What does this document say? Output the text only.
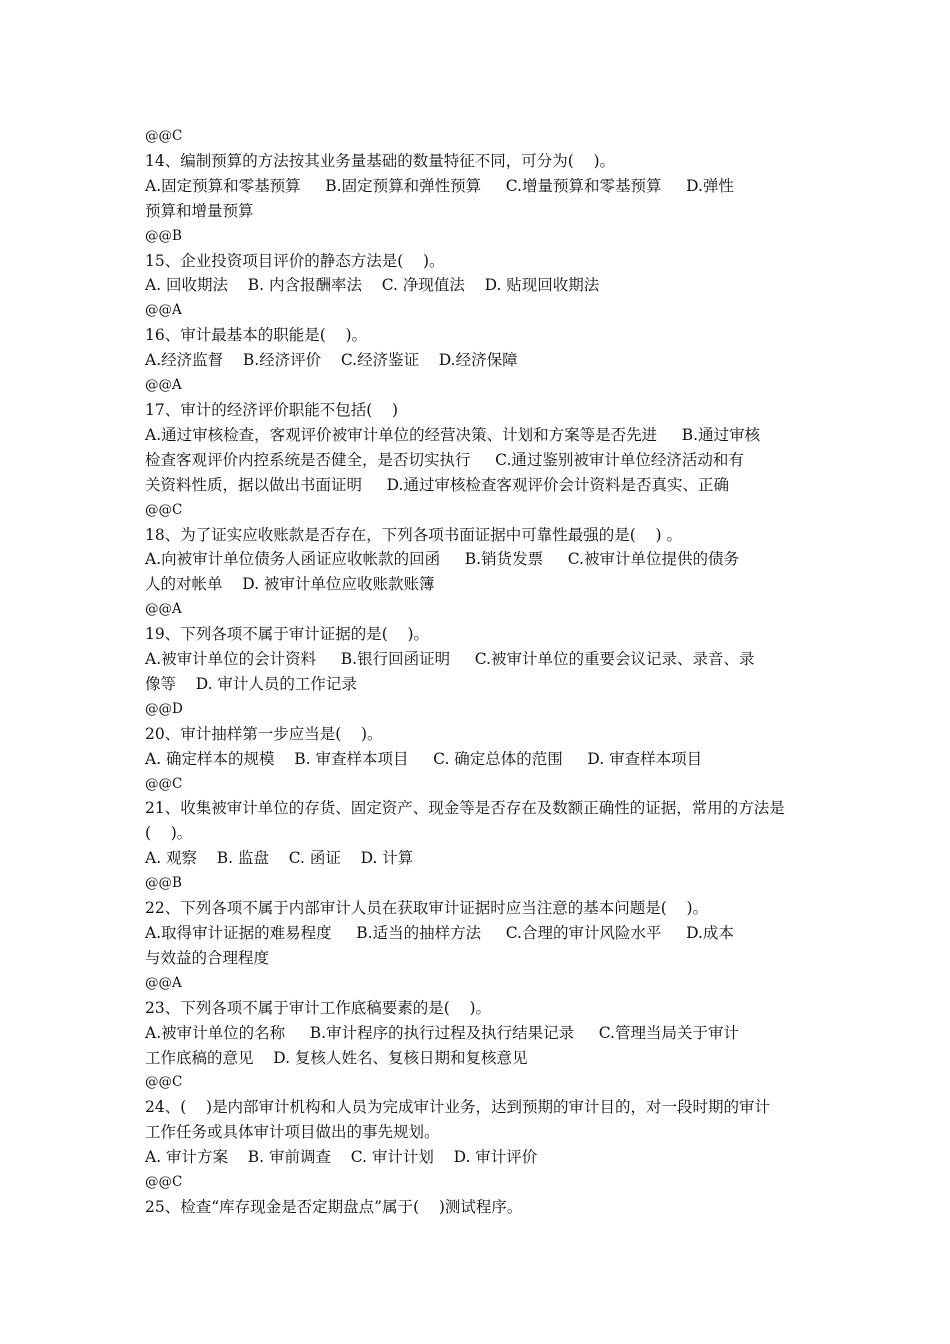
@@C
14、编制预算的方法按其业务量基础的数量特征不同，可分为(    )。
A.固定预算和零基预算     B.固定预算和弹性预算     C.增量预算和零基预算     D.弹性
预算和增量预算
@@B
15、企业投资项目评价的静态方法是(    )。
A. 回收期法    B. 内含报酬率法    C. 净现值法    D. 贴现回收期法
@@A
16、审计最基本的职能是(    )。
A.经济监督    B.经济评价    C.经济鉴证    D.经济保障
@@A
17、审计的经济评价职能不包括(    )
A.通过审核检查，客观评价被审计单位的经营决策、计划和方案等是否先进     B.通过审核
检查客观评价内控系统是否健全，是否切实执行     C.通过鉴别被审计单位经济活动和有
关资料性质，据以做出书面证明     D.通过审核检查客观评价会计资料是否真实、正确
@@C
18、为了证实应收账款是否存在，下列各项书面证据中可靠性最强的是(    ) 。
A.向被审计单位债务人函证应收帐款的回函     B.销货发票     C.被审计单位提供的债务
人的对帐单    D. 被审计单位应收账款账簿
@@A
19、下列各项不属于审计证据的是(    )。
A.被审计单位的会计资料     B.银行回函证明     C.被审计单位的重要会议记录、录音、录
像等    D. 审计人员的工作记录
@@D
20、审计抽样第一步应当是(    )。
A. 确定样本的规模    B. 审查样本项目     C. 确定总体的范围     D. 审查样本项目
@@C
21、收集被审计单位的存货、固定资产、现金等是否存在及数额正确性的证据，常用的方法是
(    )。
A. 观察    B. 监盘    C. 函证    D. 计算
@@B
22、下列各项不属于内部审计人员在获取审计证据时应当注意的基本问题是(    )。
A.取得审计证据的难易程度     B.适当的抽样方法     C.合理的审计风险水平     D.成本
与效益的合理程度
@@A
23、下列各项不属于审计工作底稿要素的是(    )。
A.被审计单位的名称     B.审计程序的执行过程及执行结果记录     C.管理当局关于审计
工作底稿的意见    D. 复核人姓名、复核日期和复核意见
@@C
24、(    )是内部审计机构和人员为完成审计业务，达到预期的审计目的，对一段时期的审计
工作任务或具体审计项目做出的事先规划。
A. 审计方案    B. 审前调查    C. 审计计划    D. 审计评价
@@C
25、检查“库存现金是否定期盘点”属于(    )测试程序。
